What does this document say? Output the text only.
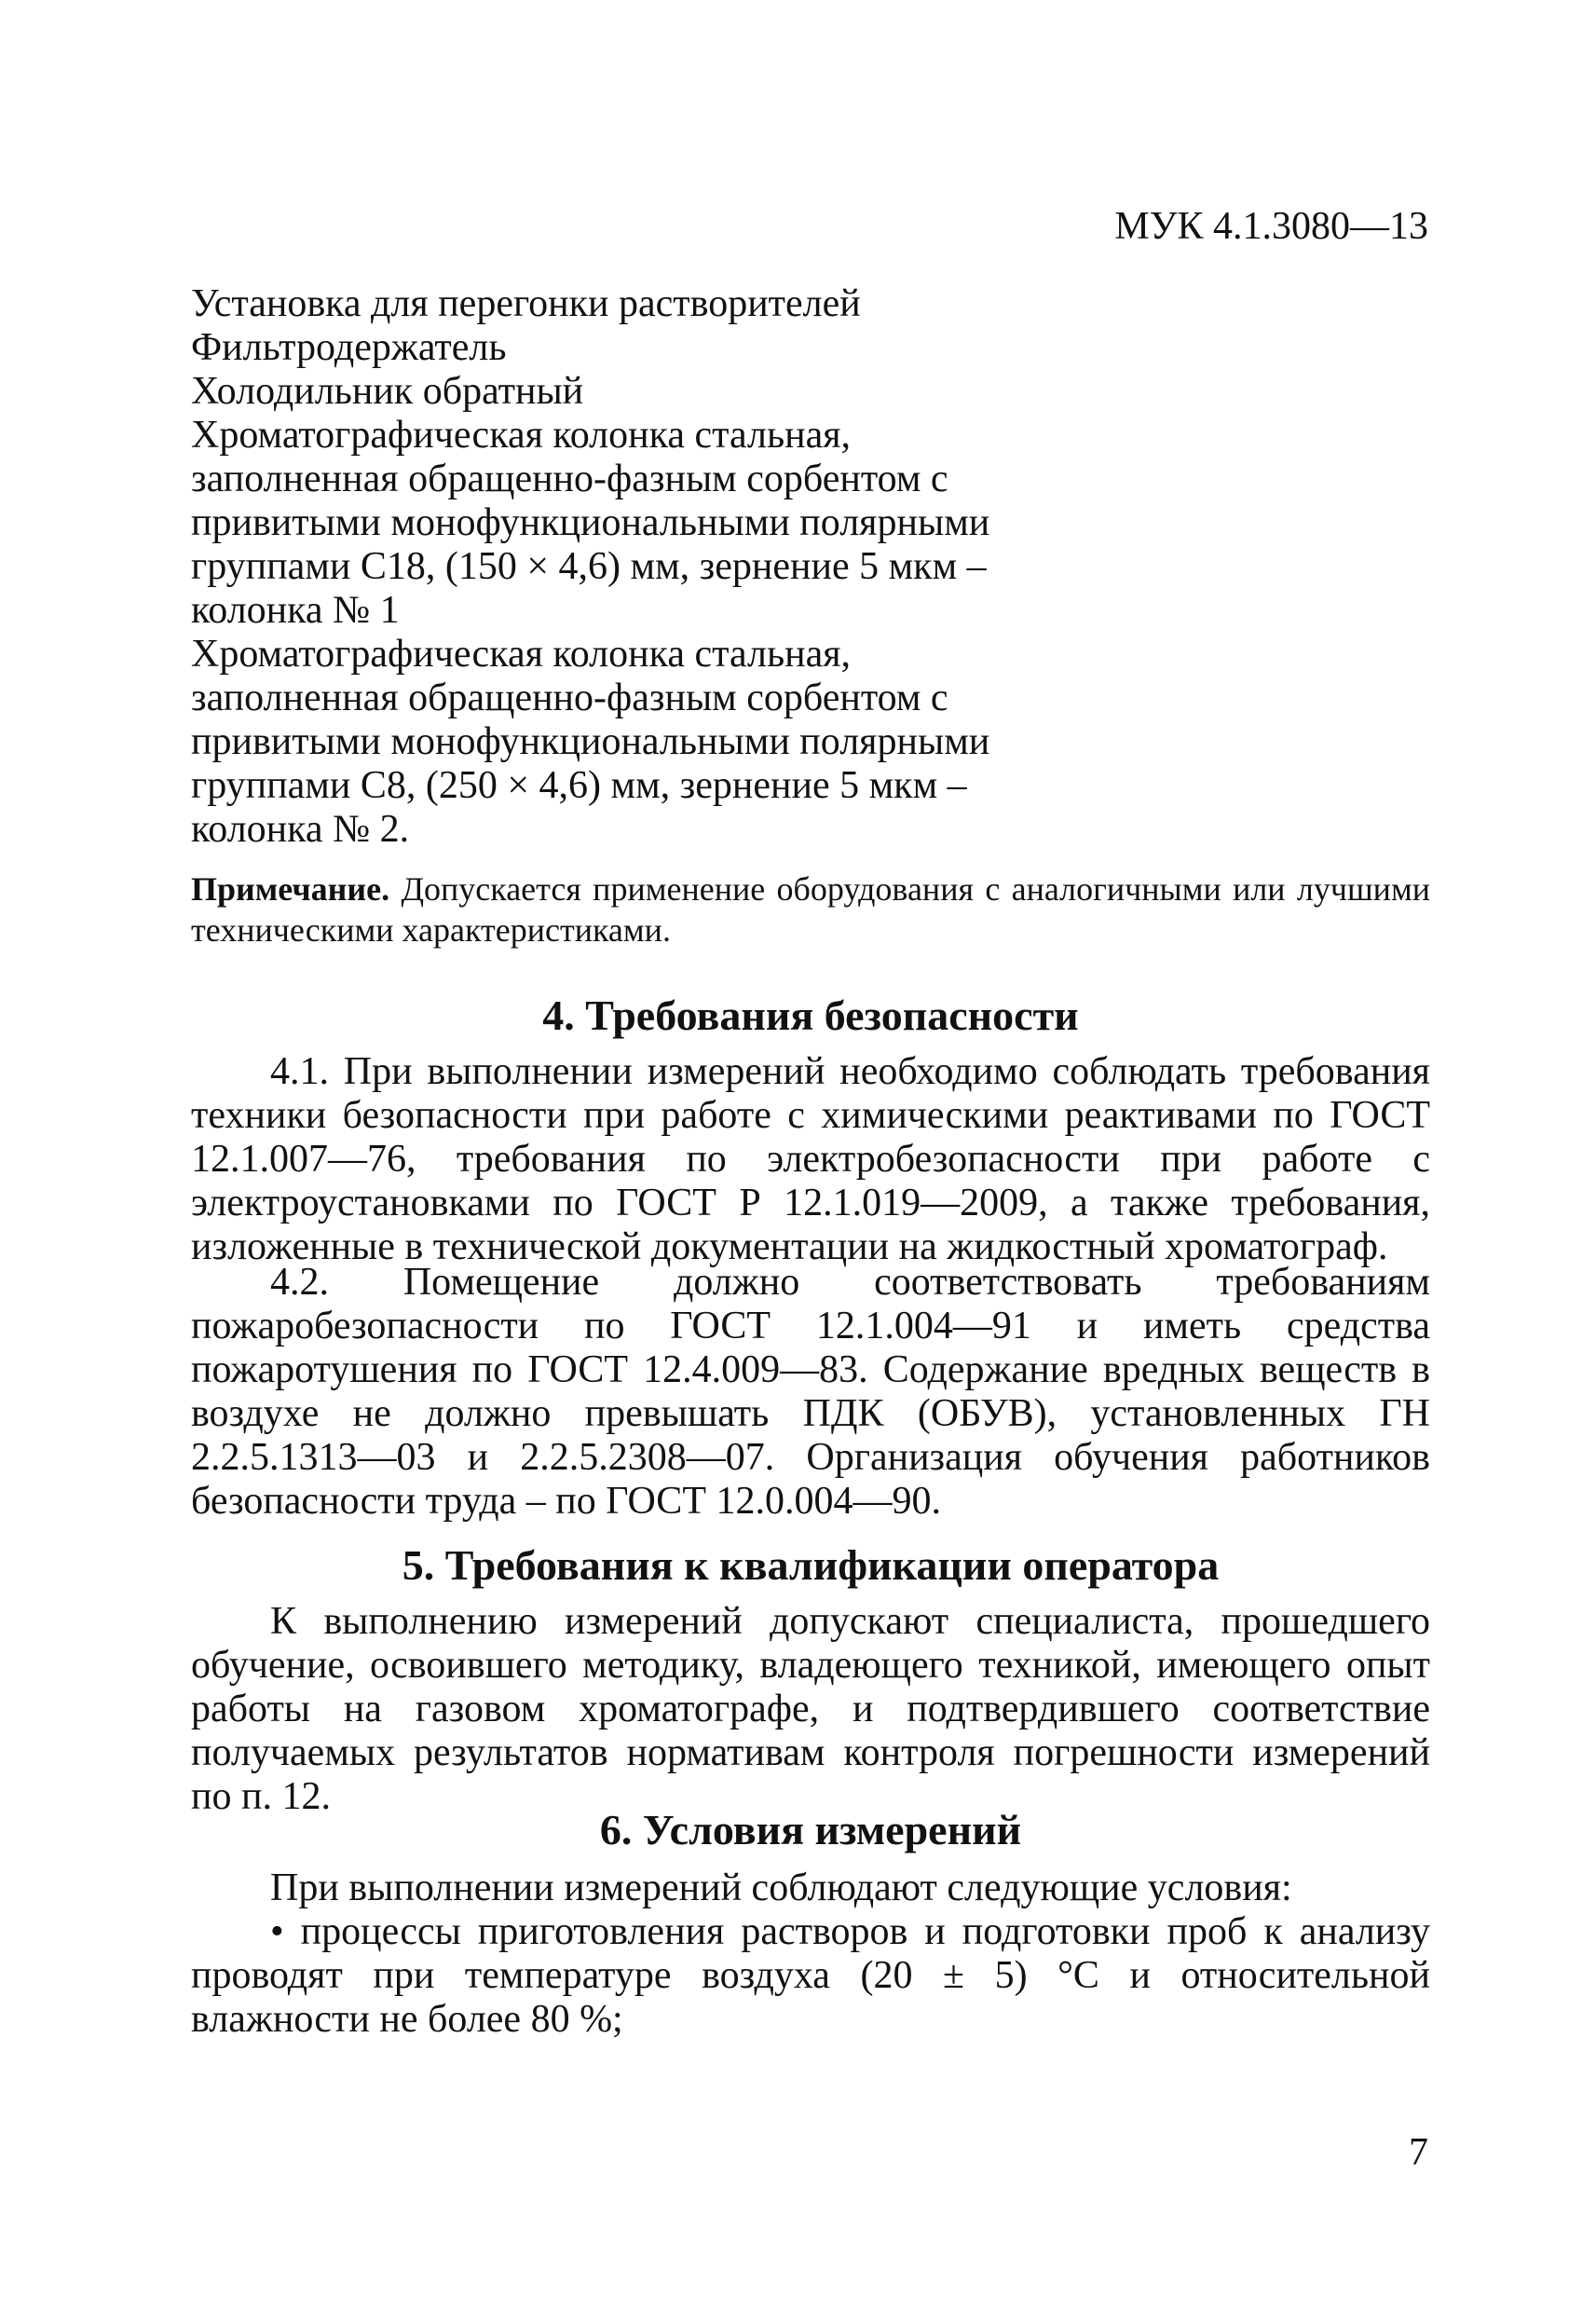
МУК 4.1.3080—13

Установка для перегонки растворителей

Фильтродержатель

Холодильник обратный

Хроматографическая колонка стальная, заполненная обращенно-фазным сорбентом с привитыми монофункциональными полярными группами C18, (150 × 4,6) мм, зернение 5 мкм – колонка № 1

Хроматографическая колонка стальная, заполненная обращенно-фазным сорбентом с привитыми монофункциональными полярными группами C8, (250 × 4,6) мм, зернение 5 мкм – колонка № 2.

Примечание. Допускается применение оборудования с аналогичными или лучшими техническими характеристиками.
4. Требования безопасности

4.1. При выполнении измерений необходимо соблюдать требования техники безопасности при работе с химическими реактивами по ГОСТ 12.1.007—76, требования по электробезопасности при работе с электроустановками по ГОСТ Р 12.1.019—2009, а также требования, изложенные в технической документации на жидкостный хроматограф.

4.2. Помещение должно соответствовать требованиям пожаробезопасности по ГОСТ 12.1.004—91 и иметь средства пожаротушения по ГОСТ 12.4.009—83. Содержание вредных веществ в воздухе не должно превышать ПДК (ОБУВ), установленных ГН 2.2.5.1313—03 и 2.2.5.2308—07. Организация обучения работников безопасности труда – по ГОСТ 12.0.004—90.

5. Требования к квалификации оператора

К выполнению измерений допускают специалиста, прошедшего обучение, освоившего методику, владеющего техникой, имеющего опыт работы на газовом хроматографе, и подтвердившего соответствие получаемых результатов нормативам контроля погрешности измерений по п. 12.

6. Условия измерений

При выполнении измерений соблюдают следующие условия:

• процессы приготовления растворов и подготовки проб к анализу проводят при температуре воздуха (20 ± 5) °С и относительной влажности не более 80 %;

7
